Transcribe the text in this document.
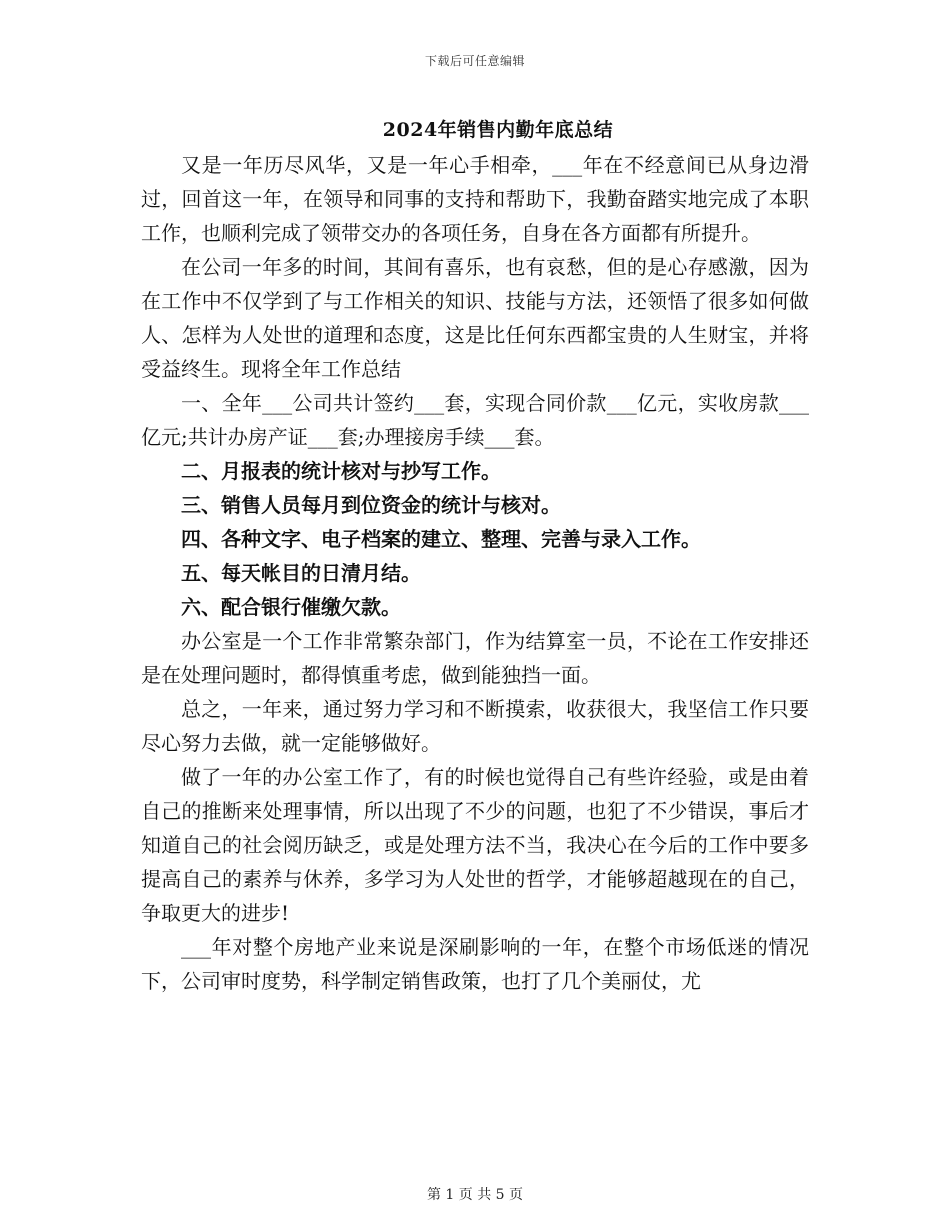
下载后可任意编辑
2024年销售内勤年底总结

又是一年历尽风华，又是一年心手相牵，___年在不经意间已从身边滑过，回首这一年，在领导和同事的支持和帮助下，我勤奋踏实地完成了本职工作，也顺利完成了领带交办的各项任务，自身在各方面都有所提升。

在公司一年多的时间，其间有喜乐，也有哀愁，但的是心存感激，因为在工作中不仅学到了与工作相关的知识、技能与方法，还领悟了很多如何做人、怎样为人处世的道理和态度，这是比任何东西都宝贵的人生财宝，并将受益终生。现将全年工作总结

一、全年___公司共计签约___套，实现合同价款___亿元，实收房款___亿元;共计办房产证___套;办理接房手续___套。

二、月报表的统计核对与抄写工作。

三、销售人员每月到位资金的统计与核对。

四、各种文字、电子档案的建立、整理、完善与录入工作。

五、每天帐目的日清月结。

六、配合银行催缴欠款。

办公室是一个工作非常繁杂部门，作为结算室一员，不论在工作安排还是在处理问题时，都得慎重考虑，做到能独挡一面。

总之，一年来，通过努力学习和不断摸索，收获很大，我坚信工作只要尽心努力去做，就一定能够做好。

做了一年的办公室工作了，有的时候也觉得自己有些许经验，或是由着自己的推断来处理事情，所以出现了不少的问题，也犯了不少错误，事后才知道自己的社会阅历缺乏，或是处理方法不当，我决心在今后的工作中要多提高自己的素养与休养，多学习为人处世的哲学，才能够超越现在的自己，争取更大的进步!

___年对整个房地产业来说是深刷影响的一年，在整个市场低迷的情况下，公司审时度势，科学制定销售政策，也打了几个美丽仗，尤

第 1 页 共 5 页
